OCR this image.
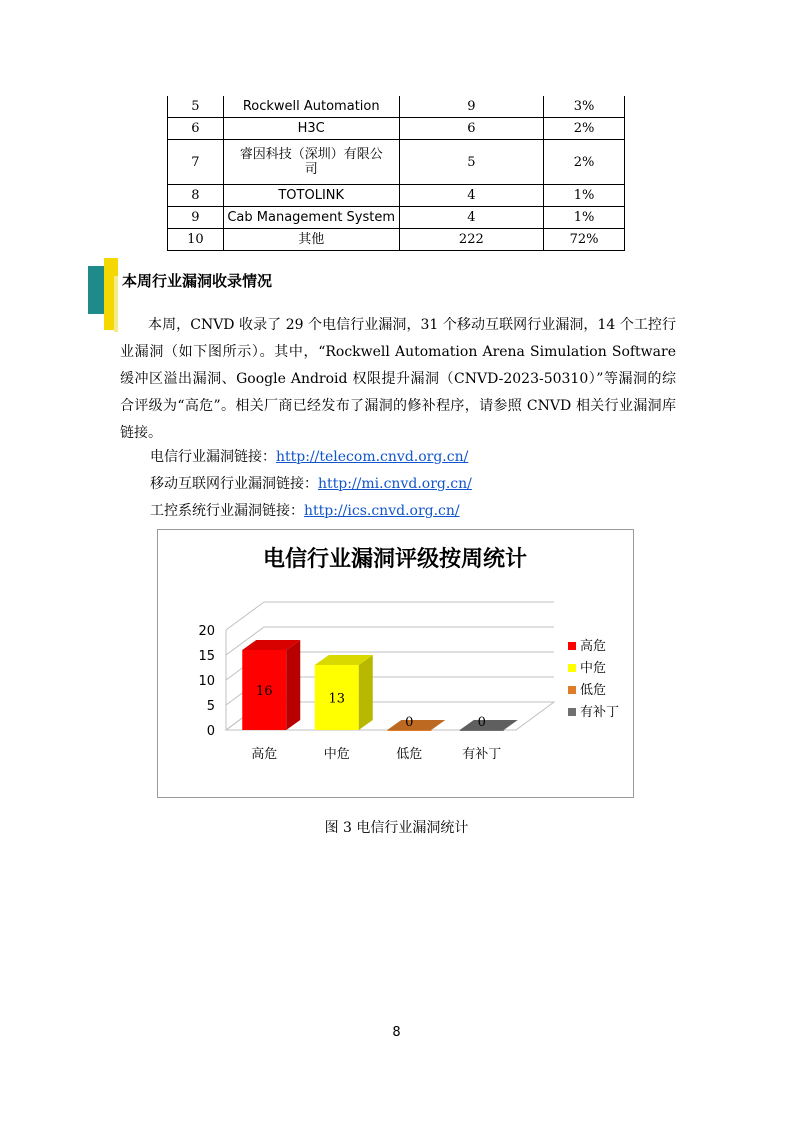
5	Rockwell Automation	9	3%
6	H3C	6	2%
7	睿因科技（深圳）有限公司	5	2%
8	TOTOLINK	4	1%
9	Cab Management System	4	1%
10	其他	222	72%
本周行业漏洞收录情况

本周，CNVD 收录了 29 个电信行业漏洞，31 个移动互联网行业漏洞，14 个工控行业漏洞（如下图所示）。其中，“Rockwell Automation Arena Simulation Software 缓冲区溢出漏洞、Google Android 权限提升漏洞（CNVD-2023-50310）”等漏洞的综合评级为“高危”。相关厂商已经发布了漏洞的修补程序，请参照 CNVD 相关行业漏洞库链接。

电信行业漏洞链接：http://telecom.cnvd.org.cn/
移动互联网行业漏洞链接：http://mi.cnvd.org.cn/
工控系统行业漏洞链接：http://ics.cnvd.org.cn/
电信行业漏洞评级按周统计
0
5
10
15
20
16
高危
13
中危
0
低危
0
有补丁
高危
中危
低危
有补丁
图 3 电信行业漏洞统计
8
